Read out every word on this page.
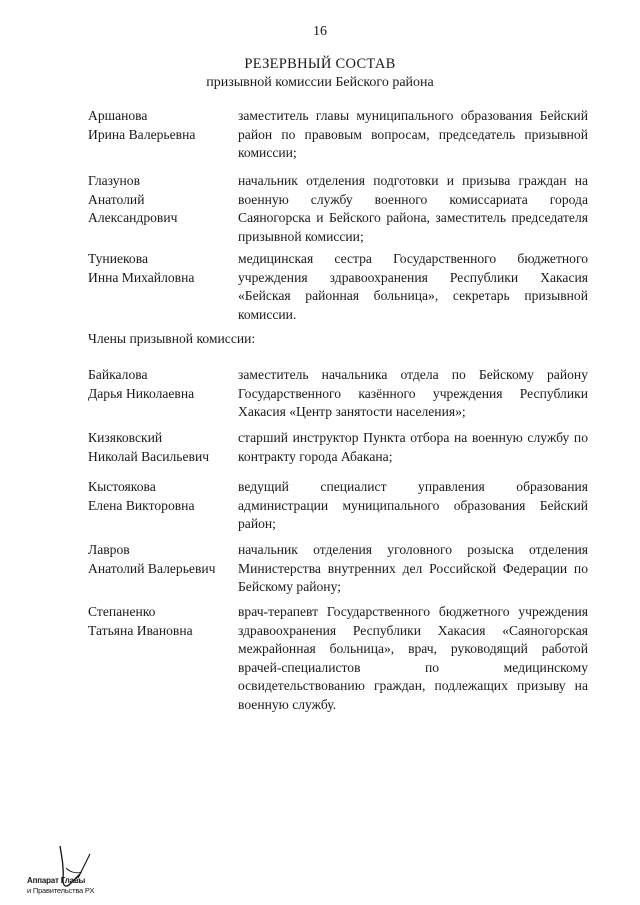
16
РЕЗЕРВНЫЙ СОСТАВ
призывной комиссии Бейского района
Аршанова
Ирина Валерьевна
заместитель главы муниципального образования Бейский район по правовым вопросам, председатель призывной комиссии;
Глазунов
Анатолий
Александрович
начальник отделения подготовки и призыва граждан на военную службу военного комиссариата города Саяногорска и Бейского района, заместитель председателя призывной комиссии;
Туниекова
Инна Михайловна
медицинская сестра Государственного бюджетного учреждения здравоохранения Республики Хакасия «Бейская районная больница», секретарь призывной комиссии.
Члены призывной комиссии:
Байкалова
Дарья Николаевна
заместитель начальника отдела по Бейскому району Государственного казённого учреждения Республики Хакасия «Центр занятости населения»;
Кизяковский
Николай Васильевич
старший инструктор Пункта отбора на военную службу по контракту города Абакана;
Кыстоякова
Елена Викторовна
ведущий специалист управления образования администрации муниципального образования Бейский район;
Лавров
Анатолий Валерьевич
начальник отделения уголовного розыска отделения Министерства внутренних дел Российской Федерации по Бейскому району;
Степаненко
Татьяна Ивановна
врач-терапевт Государственного бюджетного учреждения здравоохранения Республики Хакасия «Саяногорская межрайонная больница», врач, руководящий работой врачей-специалистов по медицинскому освидетельствованию граждан, подлежащих призыву на военную службу.
Аппарат Главы
и Правительства РХ
